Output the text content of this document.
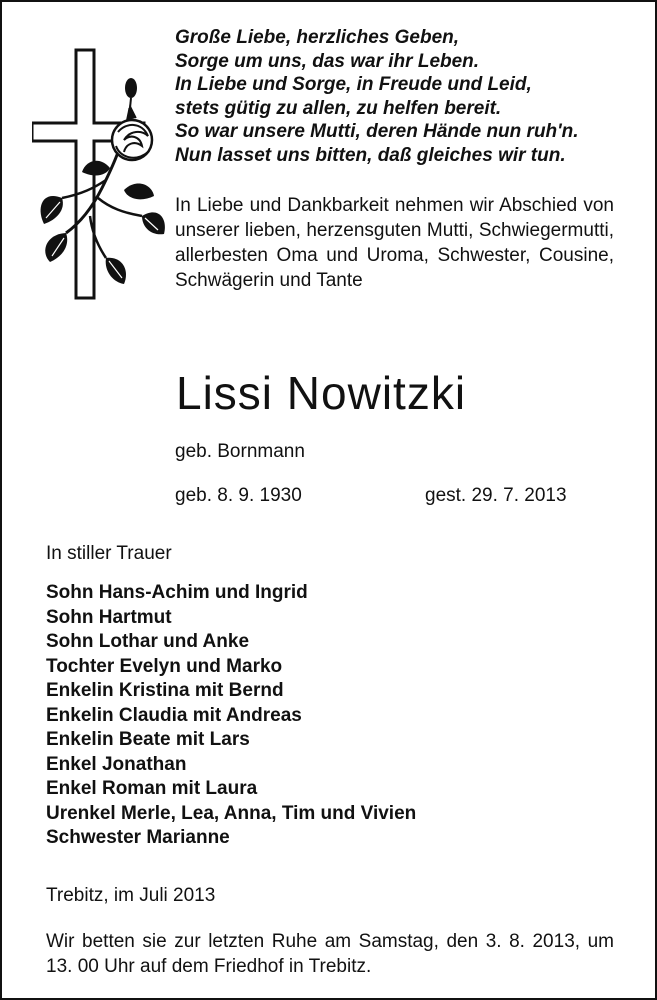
Große Liebe, herzliches Geben,
Sorge um uns, das war ihr Leben.
In Liebe und Sorge, in Freude und Leid,
stets gütig zu allen, zu helfen bereit.
So war unsere Mutti, deren Hände nun ruh'n.
Nun lasset uns bitten, daß gleiches wir tun.
In Liebe und Dankbarkeit nehmen wir Abschied von unserer lieben, herzensguten Mutti, Schwiegermutti, allerbesten Oma und Uroma, Schwester, Cousine, Schwägerin und Tante
Lissi Nowitzki
geb. Bornmann
geb. 8. 9. 1930	gest. 29. 7. 2013
In stiller Trauer
Sohn Hans-Achim und Ingrid
Sohn Hartmut
Sohn Lothar und Anke
Tochter Evelyn und Marko
Enkelin Kristina mit Bernd
Enkelin Claudia mit Andreas
Enkelin Beate mit Lars
Enkel Jonathan
Enkel Roman mit Laura
Urenkel Merle, Lea, Anna, Tim und Vivien
Schwester Marianne
Trebitz, im Juli 2013
Wir betten sie zur letzten Ruhe am Samstag, den 3. 8. 2013, um 13. 00 Uhr auf dem Friedhof in Trebitz.
